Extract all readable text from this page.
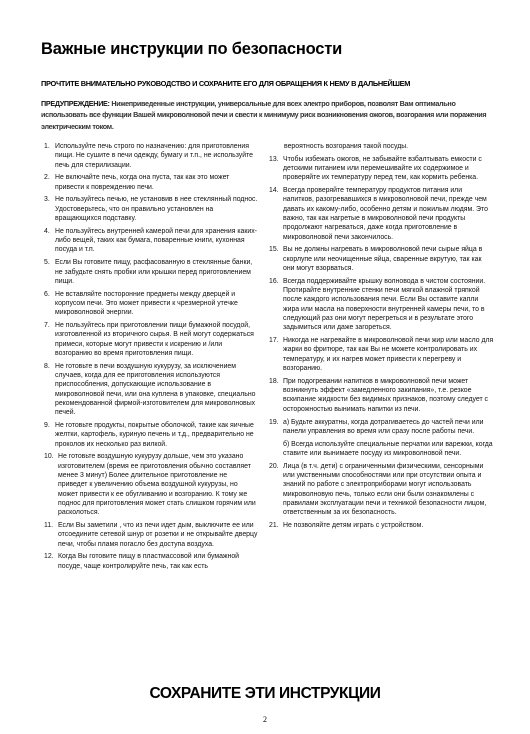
Важные инструкции по безопасности
ПРОЧТИТЕ ВНИМАТЕЛЬНО РУКОВОДСТВО И СОХРАНИТЕ ЕГО ДЛЯ ОБРАЩЕНИЯ К НЕМУ В ДАЛЬНЕЙШЕМ
ПРЕДУПРЕЖДЕНИЕ: Нижеприведенные инструкции, универсальные для всех электро приборов, позволят Вам оптимально использовать все функции Вашей микроволновой печи и свести к минимуму риск возникновения ожогов, возгорания или поражения электрическим током.
1. Используйте печь строго по назначению: для приготовления пищи. Не сушите в печи одежду, бумагу и т.п., не используйте печь для стерилизации.
2. Не включайте печь, когда она пуста, так как это может привести к повреждению печи.
3. Не пользуйтесь печью, не установив в нее стеклянный поднос. Удостоверьтесь, что он правильно установлен на вращающихся подставку.
4. Не пользуйтесь внутренней камерой печи для хранения каких-либо вещей, таких как бумага, поваренные книги, кухонная посуда и т.п.
5. Если Вы готовите пищу, расфасованную в стеклянные банки, не забудьте снять пробки или крышки перед приготовлением пищи.
6. Не вставляйте посторонние предметы между дверцей и корпусом печи. Это может привести к чрезмерной утечке микроволновой энергии.
7. Не пользуйтесь при приготовлении пищи бумажной посудой, изготовленной из вторичного сырья. В ней могут содержаться примеси, которые могут привести к искрению и /или возгоранию во время приготовления пищи.
8. Не готовьте в печи воздушную кукурузу, за исключением случаев, когда для ее приготовления используются приспособления, допускающие использование в микроволновой печи, или она куплена в упаковке, специально рекомендованной фирмой-изготовителем для микроволновых печей.
9. Не готовьте продукты, покрытые оболочкой, такие как яичные желтки, картофель, куриную печень и т.д., предварительно не проколов их несколько раз вилкой.
10. Не готовьте воздушную кукурузу дольше, чем это указано изготовителем (время ее приготовления обычно составляет менее 3 минут) Более длительное приготовление не приведет к увеличению объема воздушной кукурузы, но может привести к ее обугливанию и возгоранию. К тому же поднос для приготовления может стать слишком горячим или расколоться.
11. Если Вы заметили , что из печи идет дым, выключите ее или отсоедините сетевой шнур от розетки и не открывайте дверцу печи, чтобы пламя погасло без доступа воздуха.
12. Когда Вы готовите пищу в пластмассовой или бумажной посуде, чаще контролируйте печь, так как есть
вероятность возгорания такой посуды.
13. Чтобы избежать ожогов, не забывайте взбалтывать емкости с детскими питанием или перемешивайте их содержимое и проверяйте их температуру перед тем, как кормить ребенка.
14. Всегда проверяйте температуру продуктов питания или напитков, разогревавшихся в микроволновой печи, прежде чем давать их какому-либо, особенно детям и пожилым людям. Это важно, так как нагретые в микроволновой печи продукты продолжают нагреваться, даже когда приготовление в микроволновой печи закончилось.
15. Вы не должны нагревать в микроволновой печи сырые яйца в скорлупе или неочищенные яйца, сваренные вкрутую, так как они могут взорваться.
16. Всегда поддерживайте крышку волновода в чистом состоянии. Протирайте внутренние стенки печи мягкой влажной тряпкой после каждого использования печи. Если Вы оставите капли жира или масла на поверхности внутренней камеры печи, то в следующий раз они могут перегреться и в результате этого задымиться или даже загореться.
17. Никогда не нагревайте в микроволновой печи жир или масло для жарки во фритюре, так как Вы не можете контролировать их температуру, и их нагрев может привести к перегреву и возгоранию.
18. При подогревании напитков в микроволновой печи может возникнуть эффект «замедленного закипания», т.е. резкое вскипание жидкости без видимых признаков, поэтому следует с осторожностью вынимать напитки из печи.
19. а) Будьте аккуратны, когда дотрагиваетесь до частей печи или панели управления во время или сразу после работы печи.
б) Всегда используйте специальные перчатки или варежки, когда ставите или вынимаете посуду из микроволновой печи.
20. Лица (в т.ч. дети) с ограниченными физическими, сенсорными или умственными способностями или при отсутствии опыта и знаний по работе с электроприборами могут использовать микроволновую печь, только если они были ознакомлены с правилами эксплуатации печи и техникой безопасности лицом, ответственным за их безопасность.
21. Не позволяйте детям играть с устройством.
СОХРАНИТЕ ЭТИ ИНСТРУКЦИИ
2
